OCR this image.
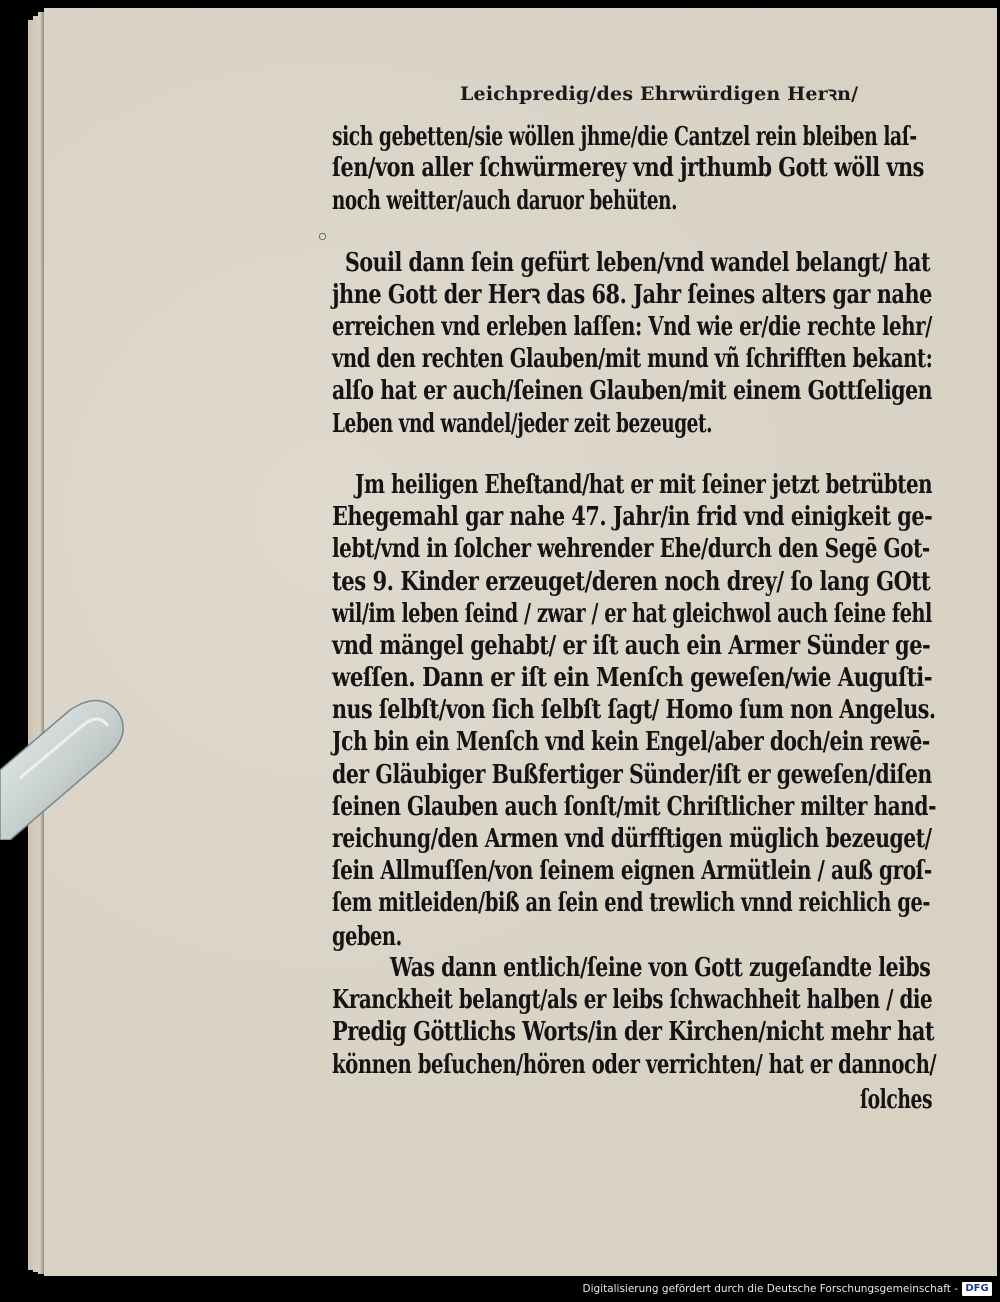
Leichpredig/des Ehrwürdigen Herꝛn/
sich gebetten/sie wöllen jhme/die Cantzel rein bleiben laſ-
ſen/von aller ſchwürmerey vnd jrthumb Gott wöll vns
noch weitter/auch daruor behüten.
Souil dann ſein gefürt leben/vnd wandel belangt/ hat
jhne Gott der Herꝛ das 68. Jahr ſeines alters gar nahe
erreichen vnd erleben laſſen: Vnd wie er/die rechte lehr/
vnd den rechten Glauben/mit mund vñ ſchrifften bekant:
alſo hat er auch/ſeinen Glauben/mit einem Gottſeligen
Leben vnd wandel/jeder zeit bezeuget.
Jm heiligen Eheſtand/hat er mit ſeiner jetzt betrübten
Ehegemahl gar nahe 47. Jahr/in frid vnd einigkeit ge-
lebt/vnd in ſolcher wehrender Ehe/durch den Segē Got-
tes 9. Kinder erzeuget/deren noch drey/ ſo lang GOtt
wil/im leben ſeind / zwar / er hat gleichwol auch ſeine fehl
vnd mängel gehabt/ er iſt auch ein Armer Sünder ge-
weſſen. Dann er iſt ein Menſch geweſen/wie Auguſti-
nus ſelbſt/von ſich ſelbſt ſagt/ Homo ſum non Angelus.
Jch bin ein Menſch vnd kein Engel/aber doch/ein rewē-
der Gläubiger Bußfertiger Sünder/iſt er geweſen/diſen
ſeinen Glauben auch ſonſt/mit Chriſtlicher milter hand-
reichung/den Armen vnd dürfftigen müglich bezeuget/
ſein Allmuſſen/von ſeinem eignen Armütlein / auß groſ-
ſem mitleiden/biß an ſein end trewlich vnnd reichlich ge-
geben.
Was dann entlich/ſeine von Gott zugeſandte leibs
Kranckheit belangt/als er leibs ſchwachheit halben / die
Predig Göttlichs Worts/in der Kirchen/nicht mehr hat
können beſuchen/hören oder verrichten/ hat er dannoch/
ſolches
Digitalisierung gefördert durch die Deutsche Forschungsgemeinschaft - DFG
